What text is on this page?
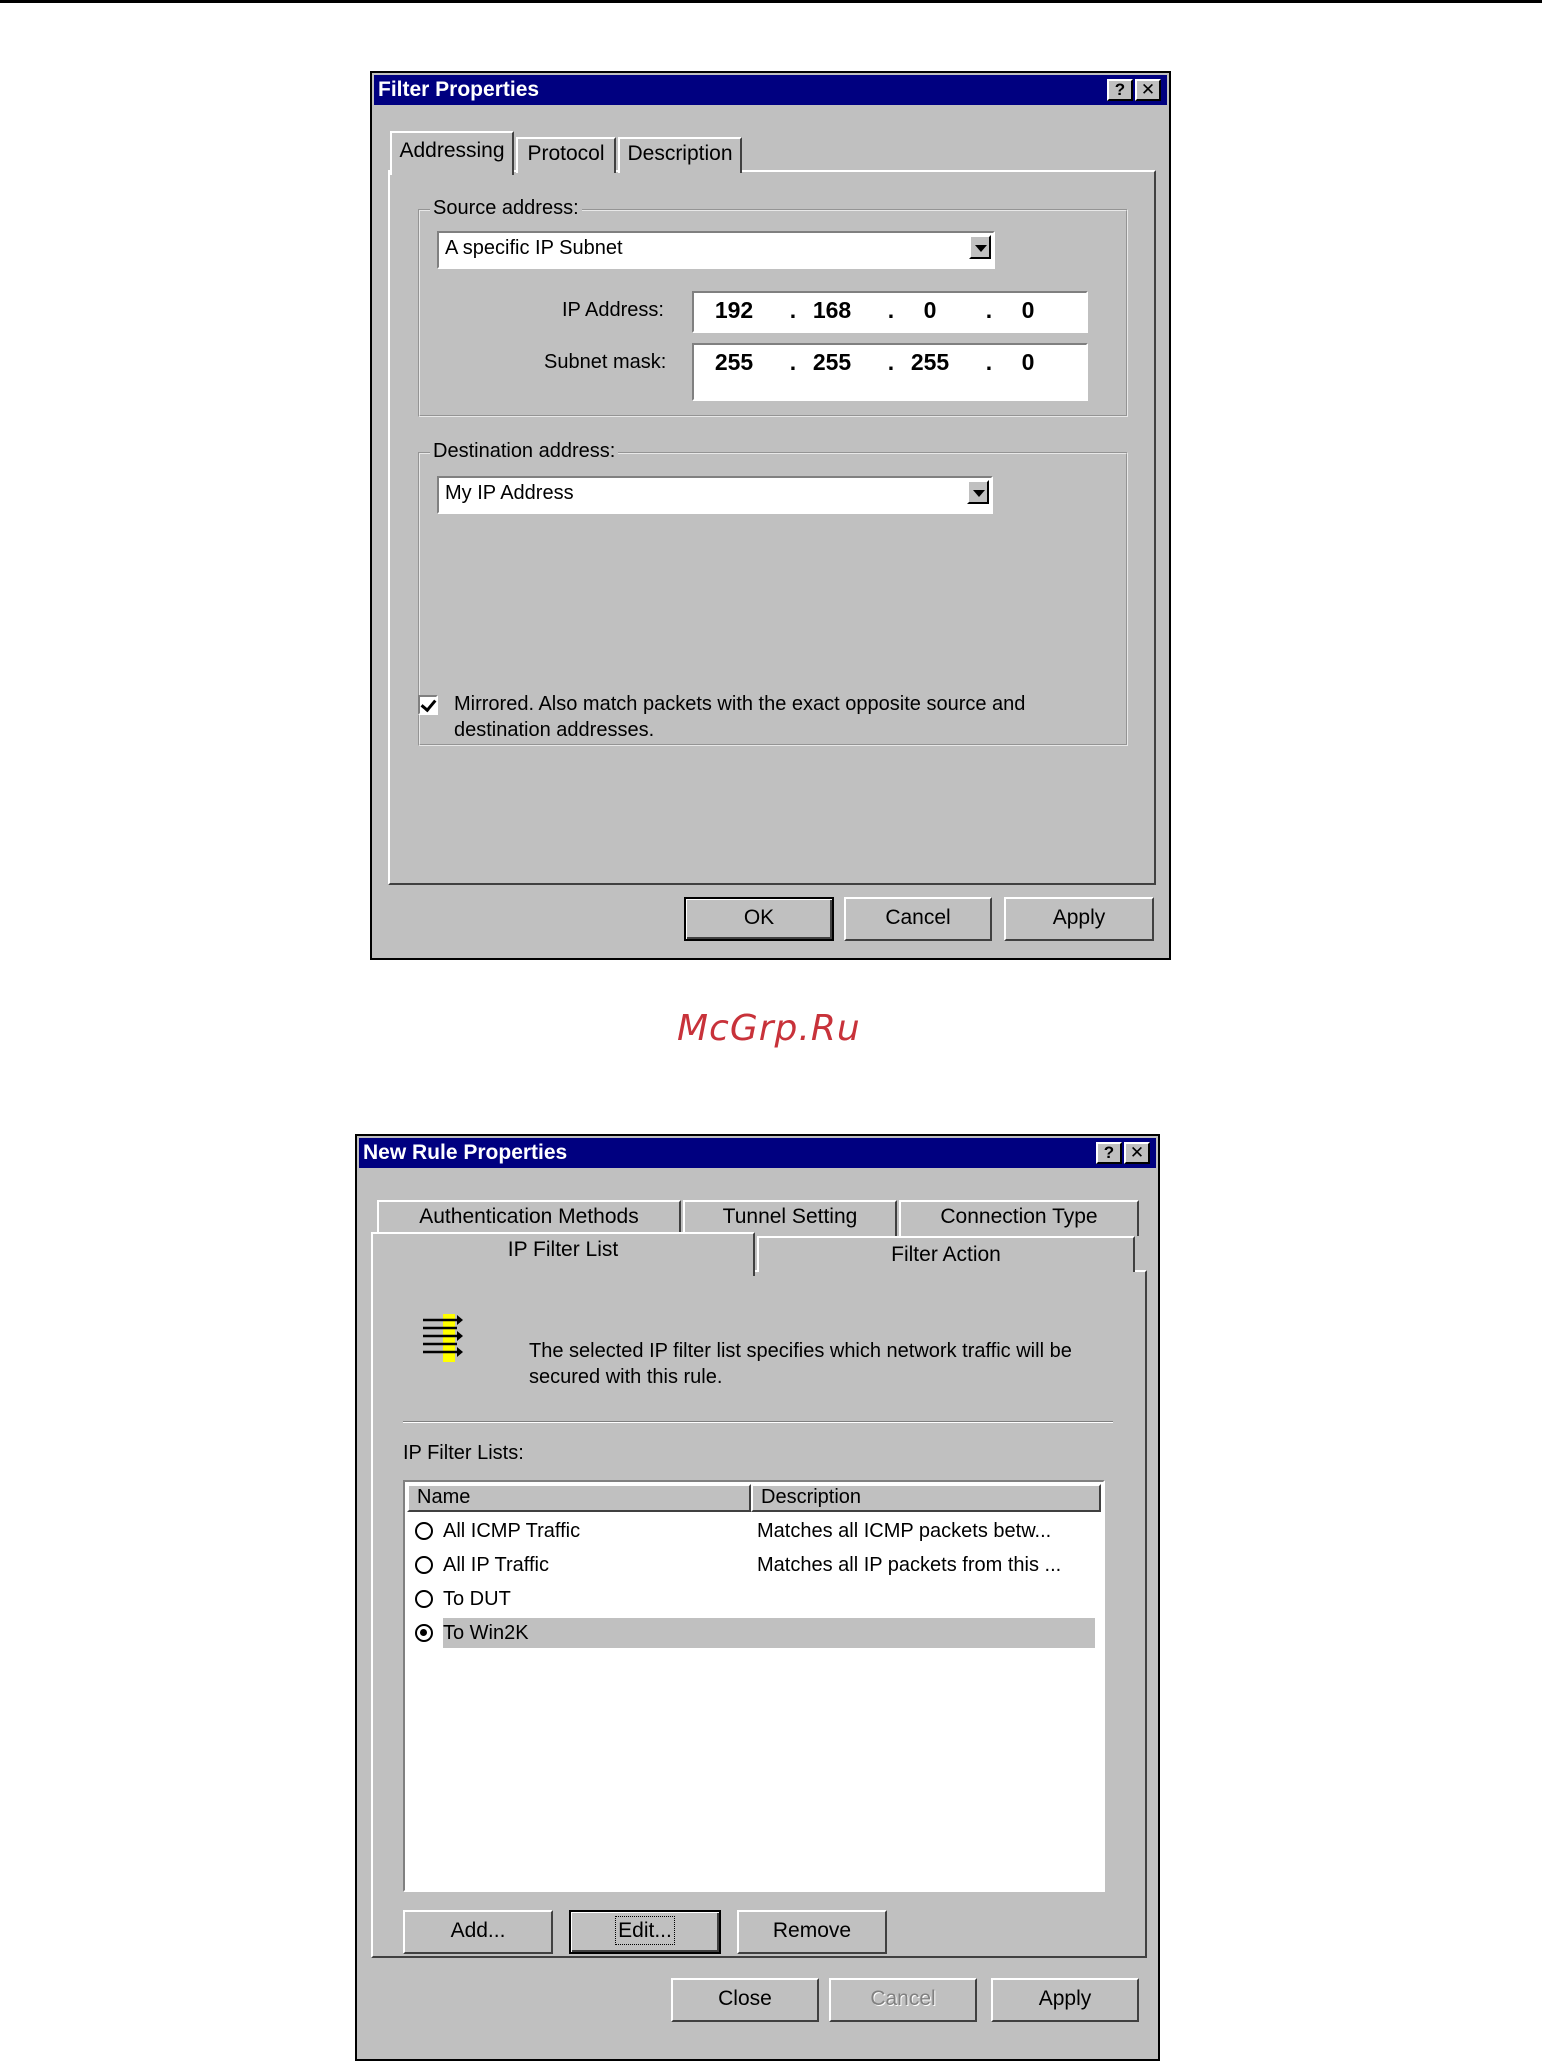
Filter Properties	? ✕
Addressing	Protocol	Description
Source address:
A specific IP Subnet
IP Address:	192	. 168	.	0	.	0
Subnet mask:	255	. 255	. 255	.	0
Destination address:
My IP Address
Mirrored. Also match packets with the exact opposite source and
destination addresses.
OK	Cancel	Apply
McGrp.Ru
New Rule Properties	? ✕
Authentication Methods	Tunnel Setting	Connection Type
IP Filter List	Filter Action
The selected IP filter list specifies which network traffic will be
secured with this rule.
IP Filter Lists:
Name	Description
All ICMP Traffic	Matches all ICMP packets betw...
All IP Traffic	Matches all IP packets from this ...
To DUT
To Win2K
Add...	Edit...	Remove
Close	Cancel	Apply
